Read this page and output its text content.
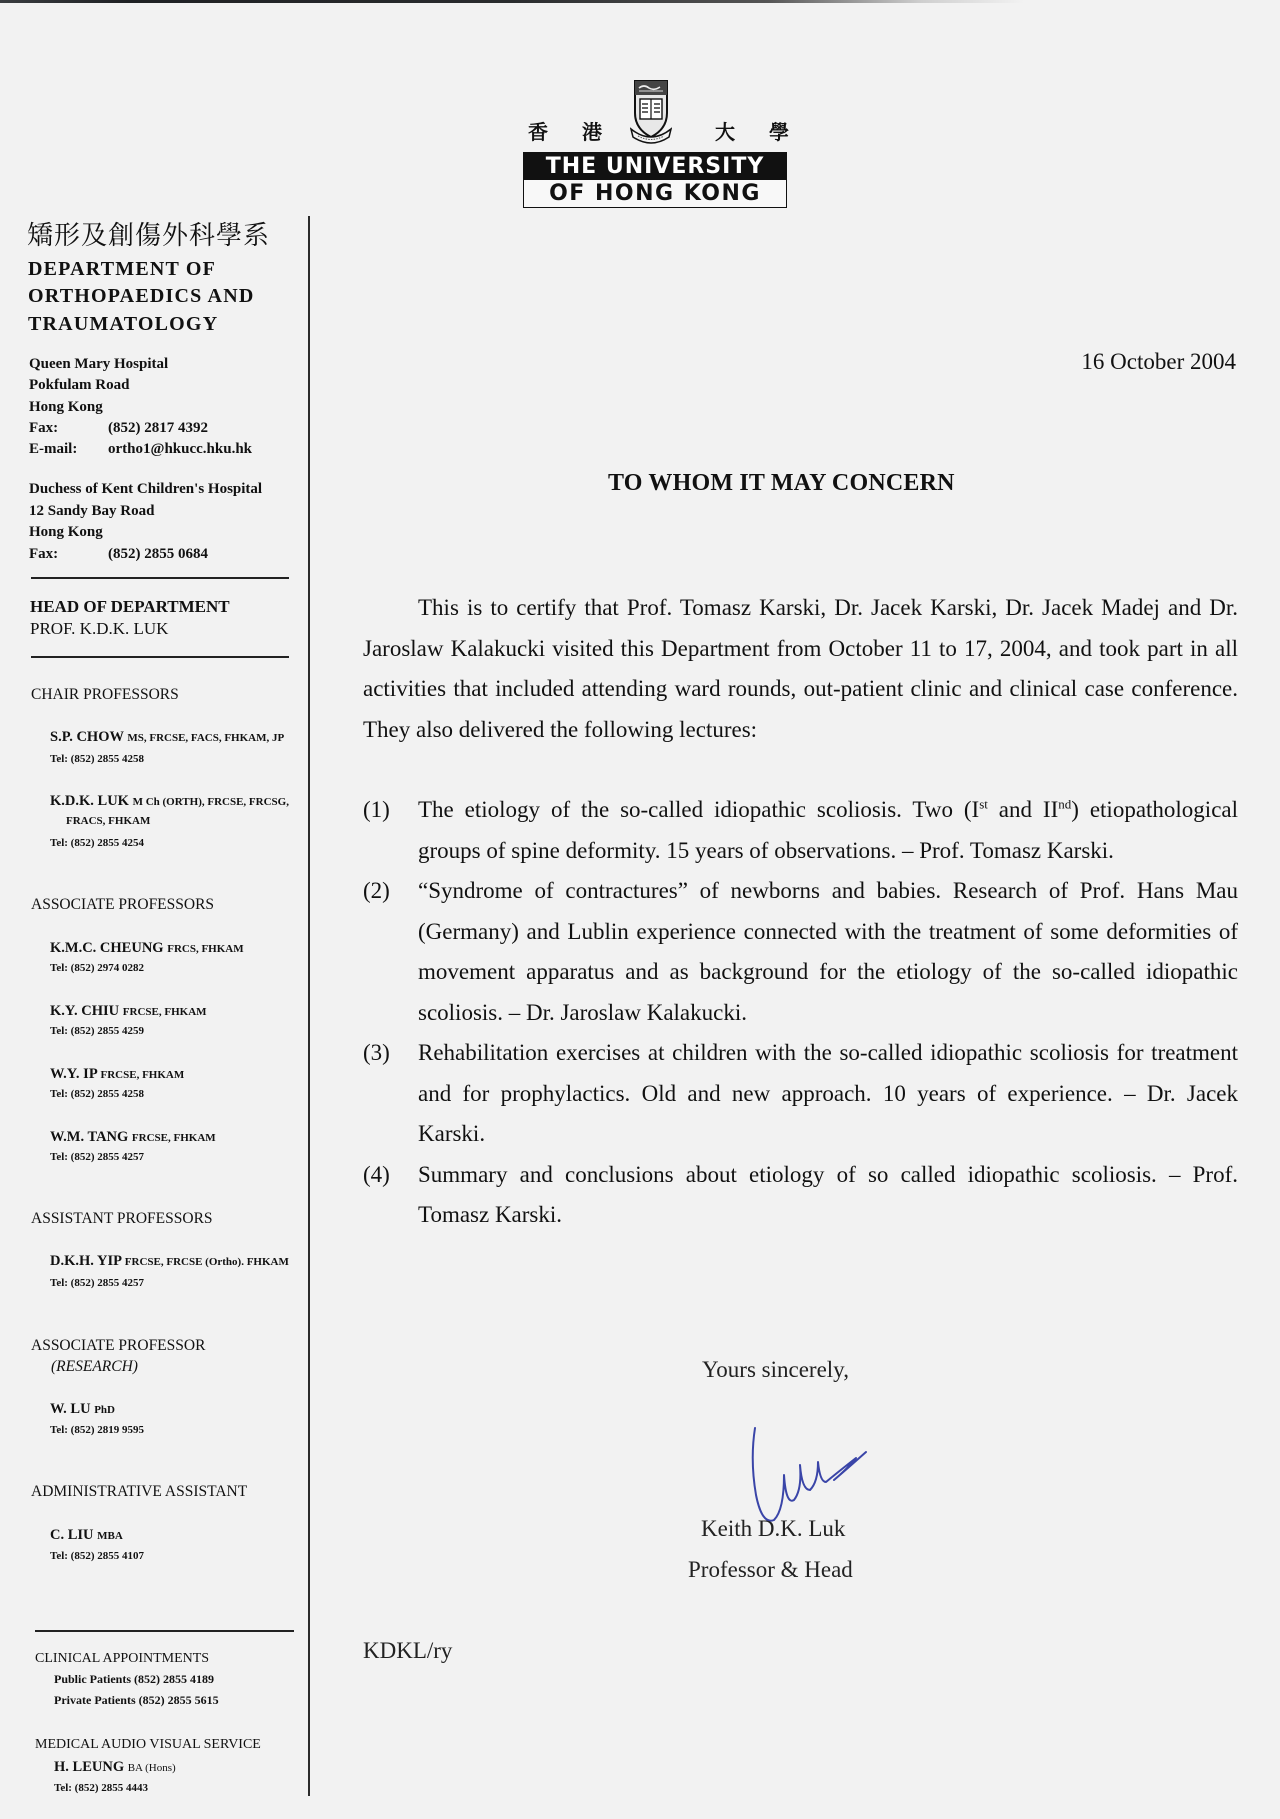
香 港	大 學
THE UNIVERSITY
OF HONG KONG
矯形及創傷外科學系
DEPARTMENT OF
ORTHOPAEDICS AND
TRAUMATOLOGY
Queen Mary Hospital
Pokfulam Road
Hong Kong
Fax:	(852) 2817 4392
E-mail: ortho1@hkucc.hku.hk
Duchess of Kent Children's Hospital
12 Sandy Bay Road
Hong Kong
Fax:	(852) 2855 0684
HEAD OF DEPARTMENT
PROF. K.D.K. LUK
CHAIR PROFESSORS
S.P. CHOW MS, FRCSE, FACS, FHKAM, JP
Tel: (852) 2855 4258
K.D.K. LUK M Ch (ORTH), FRCSE, FRCSG,
FRACS, FHKAM
Tel: (852) 2855 4254
ASSOCIATE PROFESSORS
K.M.C. CHEUNG FRCS, FHKAM
Tel: (852) 2974 0282
K.Y. CHIU FRCSE, FHKAM
Tel: (852) 2855 4259
W.Y. IP FRCSE, FHKAM
Tel: (852) 2855 4258
W.M. TANG FRCSE, FHKAM
Tel: (852) 2855 4257
ASSISTANT PROFESSORS
D.K.H. YIP FRCSE, FRCSE (Ortho). FHKAM
Tel: (852) 2855 4257
ASSOCIATE PROFESSOR
(RESEARCH)
W. LU PhD
Tel: (852) 2819 9595
ADMINISTRATIVE ASSISTANT
C. LIU MBA
Tel: (852) 2855 4107
CLINICAL APPOINTMENTS
Public Patients (852) 2855 4189
Private Patients (852) 2855 5615
MEDICAL AUDIO VISUAL SERVICE
H. LEUNG BA (Hons)
Tel: (852) 2855 4443
16 October 2004
TO WHOM IT MAY CONCERN
This is to certify that Prof. Tomasz Karski, Dr. Jacek Karski, Dr. Jacek Madej and Dr. Jaroslaw Kalakucki visited this Department from October 11 to 17, 2004, and took part in all activities that included attending ward rounds, out-patient clinic and clinical case conference. They also delivered the following lectures:
(1) The etiology of the so-called idiopathic scoliosis. Two (Ist and IInd) etiopathological groups of spine deformity. 15 years of observations. – Prof. Tomasz Karski.
(2) “Syndrome of contractures” of newborns and babies. Research of Prof. Hans Mau (Germany) and Lublin experience connected with the treatment of some deformities of movement apparatus and as background for the etiology of the so-called idiopathic scoliosis. – Dr. Jaroslaw Kalakucki.
(3) Rehabilitation exercises at children with the so-called idiopathic scoliosis for treatment and for prophylactics. Old and new approach. 10 years of experience. – Dr. Jacek Karski.
(4) Summary and conclusions about etiology of so called idiopathic scoliosis. – Prof. Tomasz Karski.
Yours sincerely,
Keith D.K. Luk
Professor & Head
KDKL/ry
